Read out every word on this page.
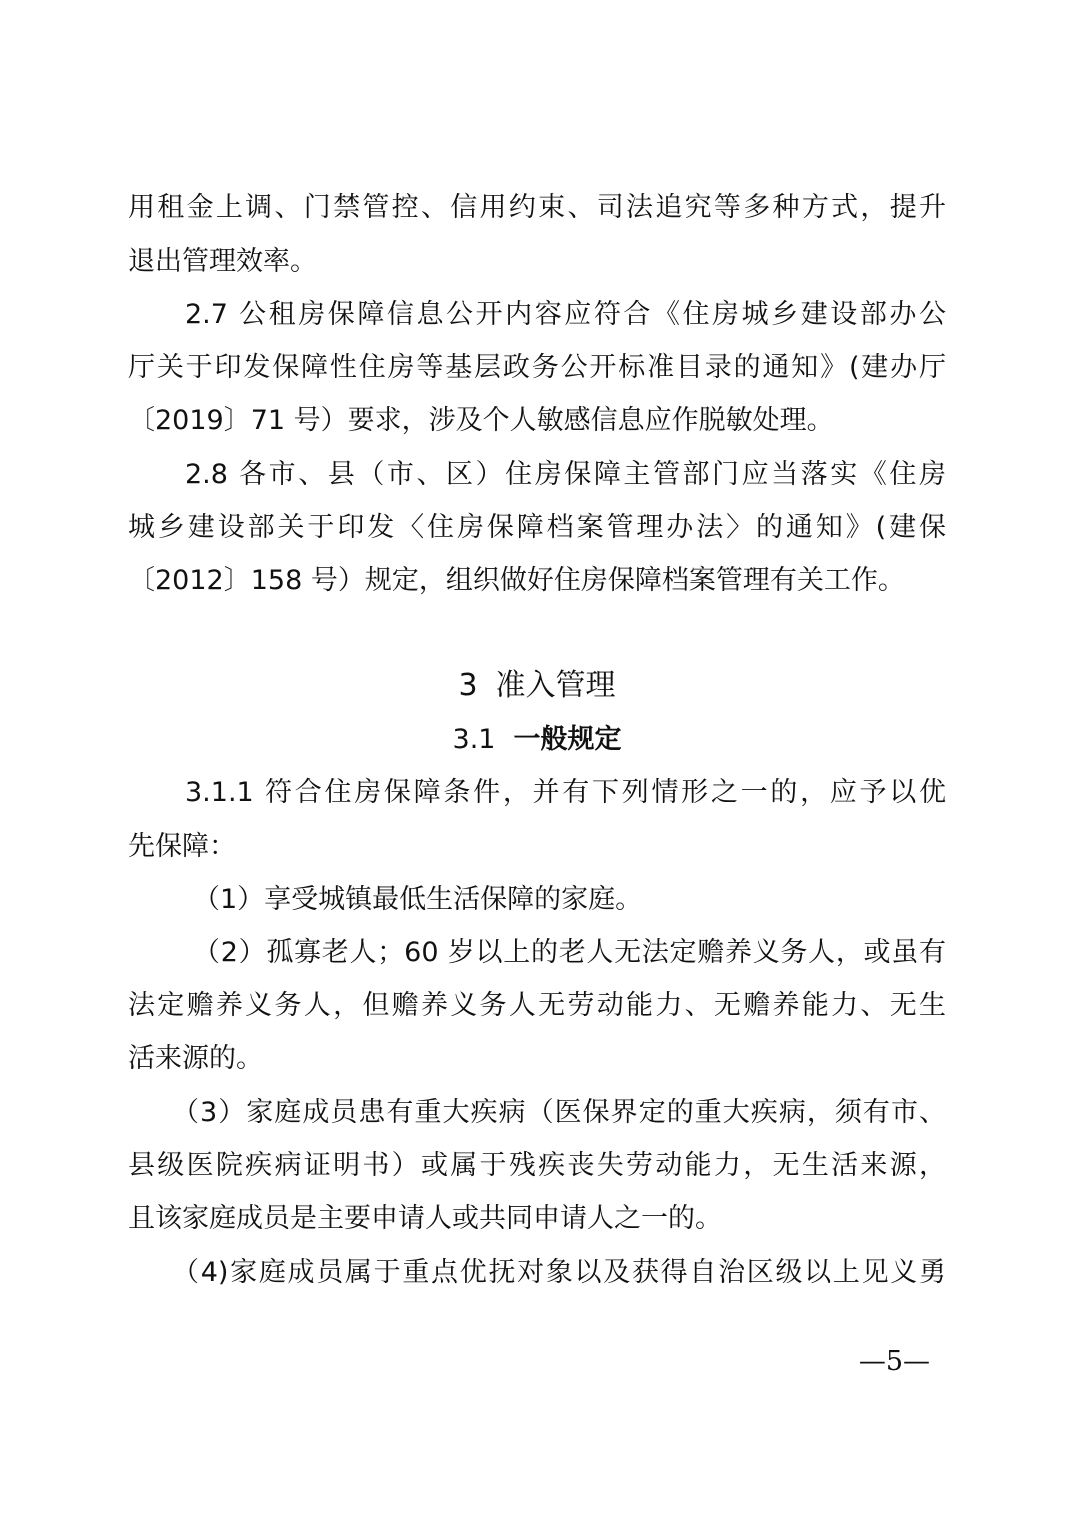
用租金上调、门禁管控、信用约束、司法追究等多种方式，提升
退出管理效率。
2.7 公租房保障信息公开内容应符合《住房城乡建设部办公
厅关于印发保障性住房等基层政务公开标准目录的通知》(建办厅
〔2019〕71 号）要求，涉及个人敏感信息应作脱敏处理。
2.8 各市、县（市、区）住房保障主管部门应当落实《住房
城乡建设部关于印发〈住房保障档案管理办法〉的通知》(建保
〔2012〕158 号）规定，组织做好住房保障档案管理有关工作。
3 准入管理
3.1 一般规定
3.1.1 符合住房保障条件，并有下列情形之一的，应予以优
先保障：
（1）享受城镇最低生活保障的家庭。
（2）孤寡老人；60 岁以上的老人无法定赡养义务人，或虽有
法定赡养义务人，但赡养义务人无劳动能力、无赡养能力、无生
活来源的。
（3）家庭成员患有重大疾病（医保界定的重大疾病，须有市、
县级医院疾病证明书）或属于残疾丧失劳动能力，无生活来源，
且该家庭成员是主要申请人或共同申请人之一的。
（4)家庭成员属于重点优抚对象以及获得自治区级以上见义勇
—5—
